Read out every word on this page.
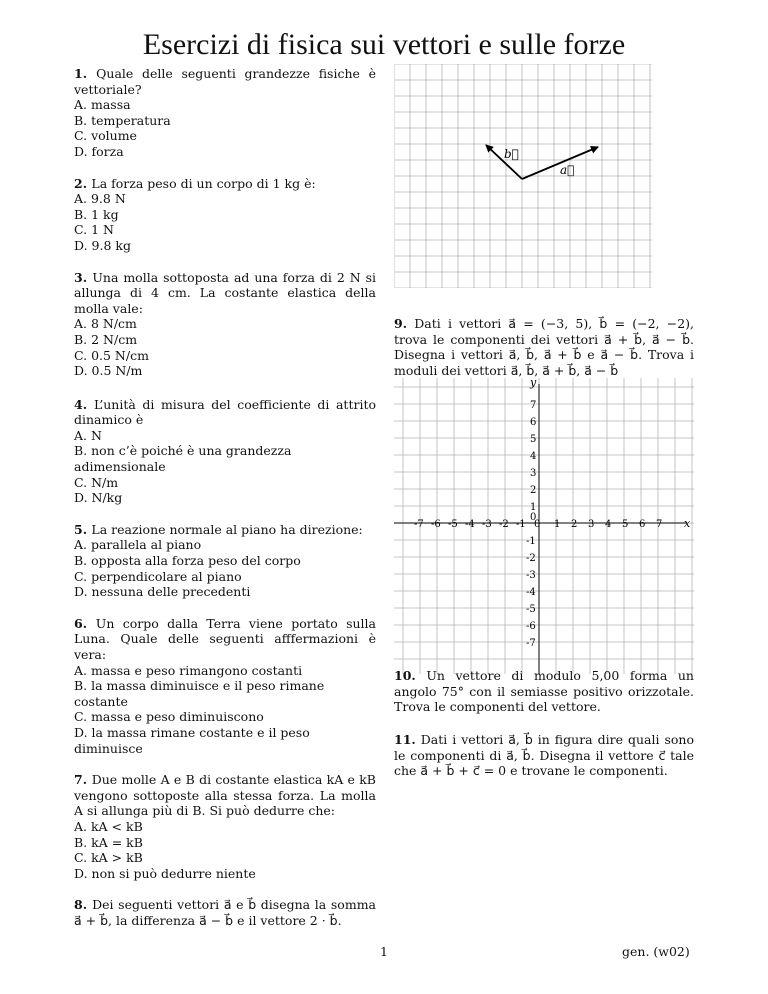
Esercizi di fisica sui vettori e sulle forze
1. Quale delle seguenti grandezze fisiche è vettoriale?
A. massa
B. temperatura
C. volume
D. forza
2. La forza peso di un corpo di 1 kg è:
A. 9.8 N
B. 1 kg
C. 1 N
D. 9.8 kg
3. Una molla sottoposta ad una forza di 2 N si allunga di 4 cm. La costante elastica della molla vale:
A. 8 N/cm
B. 2 N/cm
C. 0.5 N/cm
D. 0.5 N/m
4. L’unità di misura del coefficiente di attrito dinamico è
A. N
B. non c’è poiché è una grandezza adimensionale
C. N/m
D. N/kg
5. La reazione normale al piano ha direzione:
A. parallela al piano
B. opposta alla forza peso del corpo
C. perpendicolare al piano
D. nessuna delle precedenti
6. Un corpo dalla Terra viene portato sulla Luna. Quale delle seguenti afffermazioni è vera:
A. massa e peso rimangono costanti
B. la massa diminuisce e il peso rimane costante
C. massa e peso diminuiscono
D. la massa rimane costante e il peso diminuisce
7. Due molle A e B di costante elastica kA e kB vengono sottoposte alla stessa forza. La molla A si allunga più di B. Si può dedurre che:
A. kA < kB
B. kA = kB
C. kA > kB
D. non si può dedurre niente
8. Dei seguenti vettori a⃗ e b⃗ disegna la somma a⃗ + b⃗, la differenza a⃗ − b⃗ e il vettore 2 · b⃗.
a⃗
b⃗
9. Dati i vettori a⃗ = (−3, 5), b⃗ = (−2, −2), trova le componenti dei vettori a⃗ + b⃗, a⃗ − b⃗. Disegna i vettori a⃗, b⃗, a⃗ + b⃗ e a⃗ − b⃗. Trova i moduli dei vettori a⃗, b⃗, a⃗ + b⃗, a⃗ − b⃗
-7 -6 -5 -4 -3 -2 -1 0 1 2 3 4 5 6 7
7
6
5
4
3
2
1
-1
-2
-3
-4
-5
-6
-7
0	x
y
10. Un vettore di modulo 5,00 forma un angolo 75° con il semiasse positivo orizzotale. Trova le componenti del vettore.
11. Dati i vettori a⃗, b⃗ in figura dire quali sono le componenti di a⃗, b⃗. Disegna il vettore c⃗ tale che a⃗ + b⃗ + c⃗ = 0 e trovane le componenti.
1	gen. (w02)
